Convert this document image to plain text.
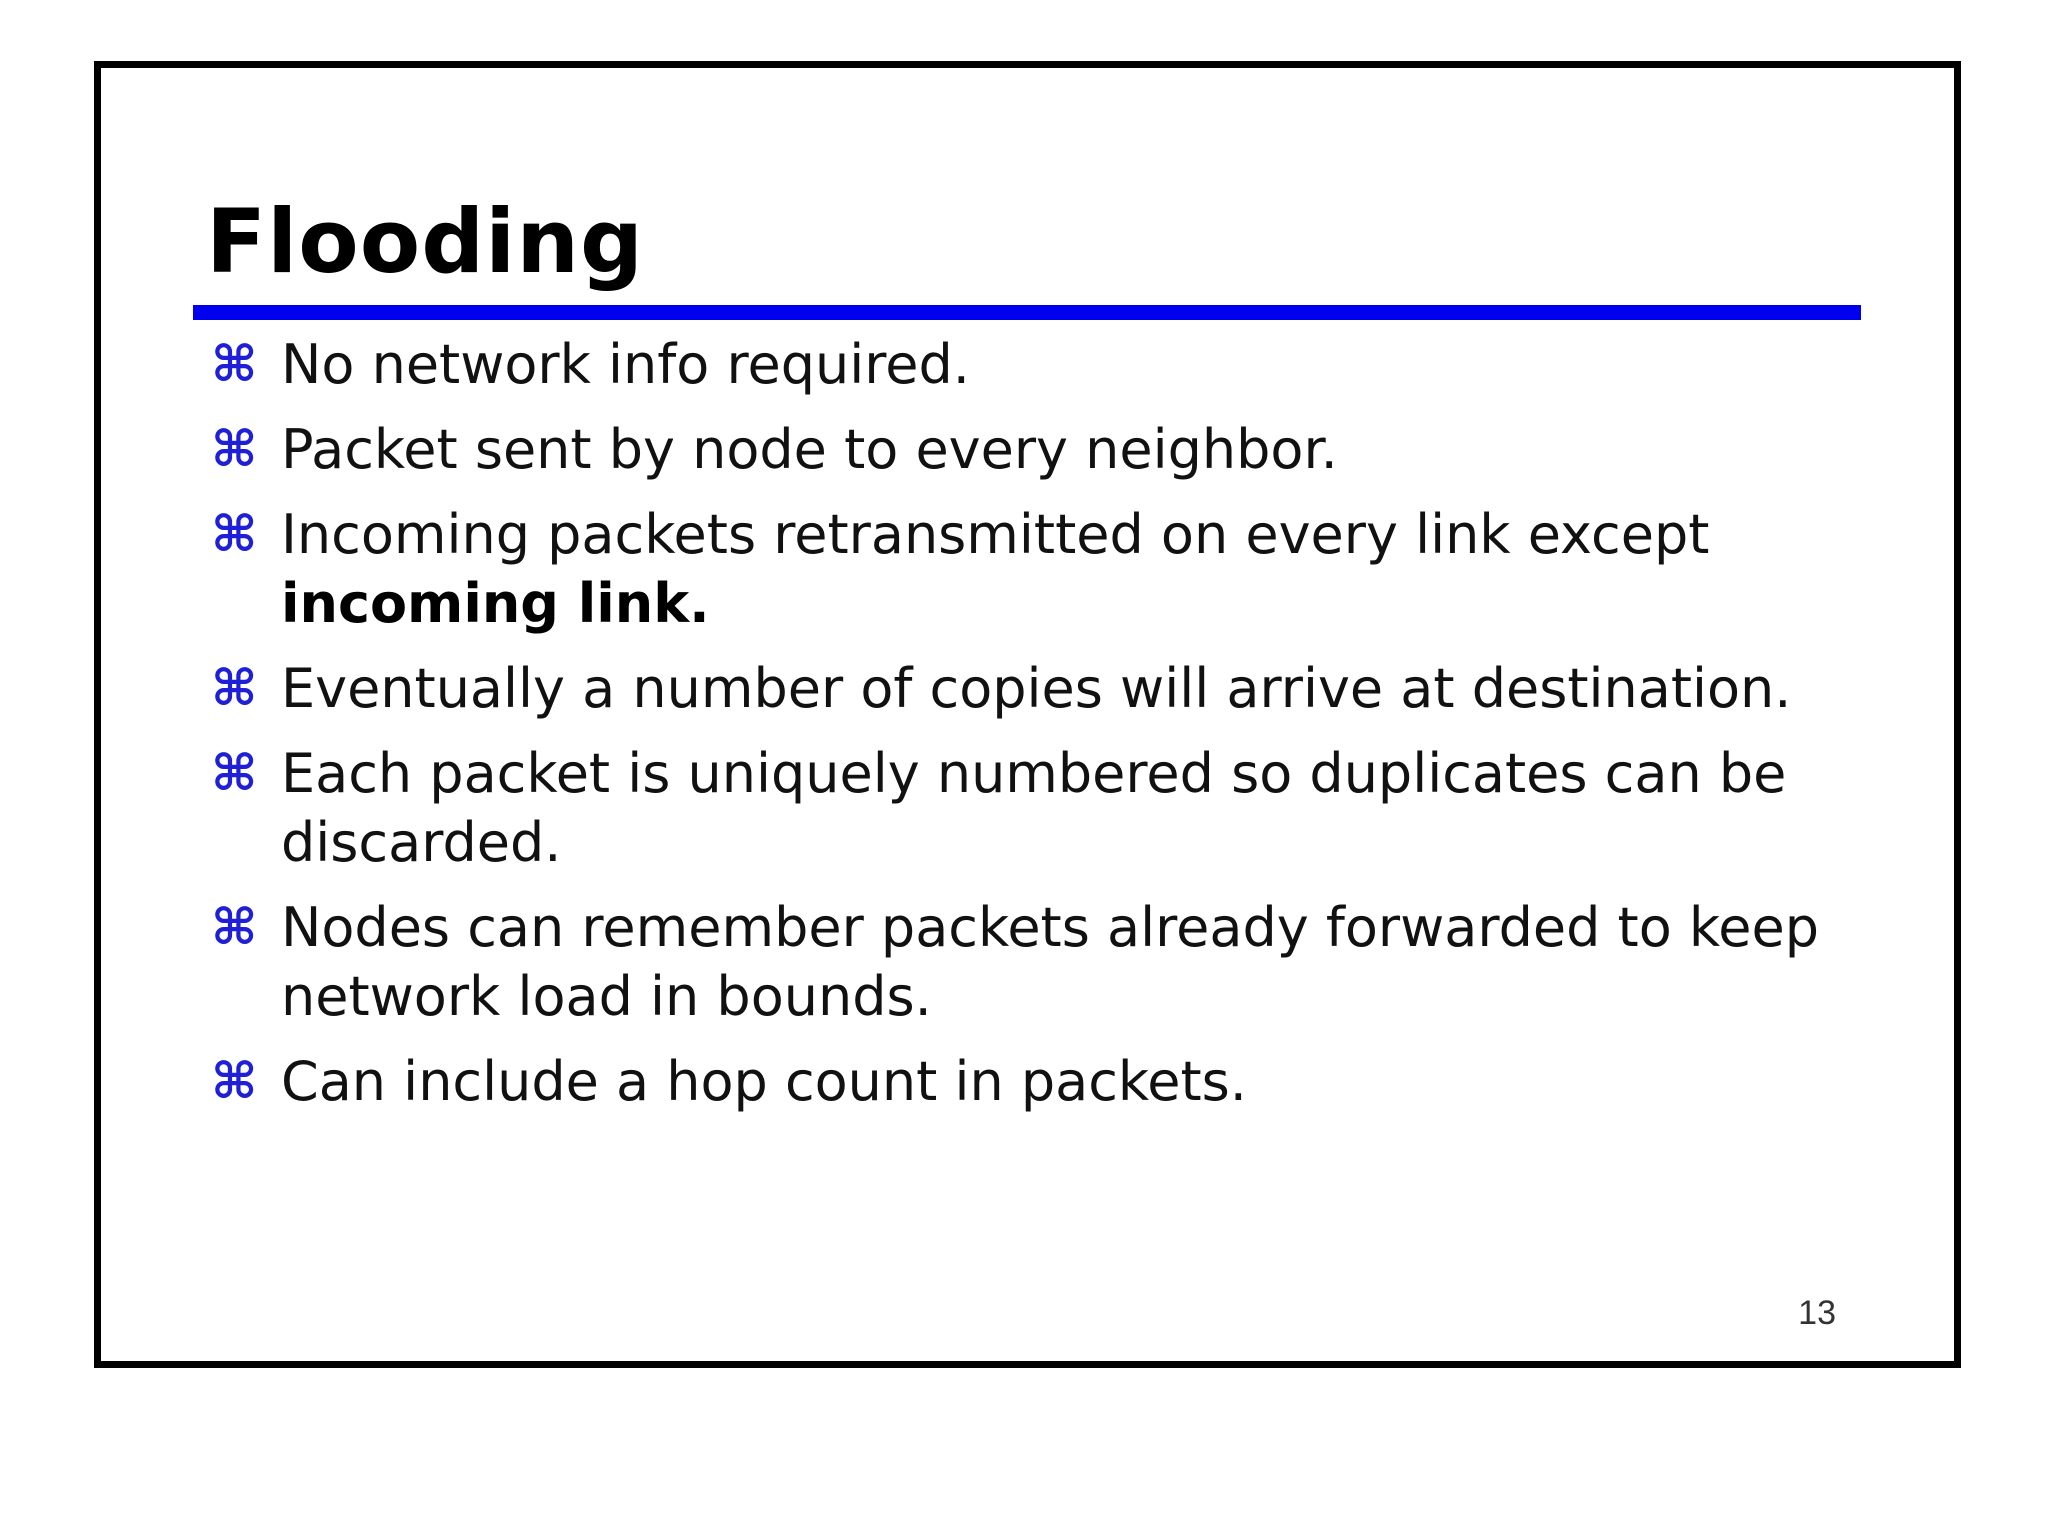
Flooding
⌘ No network info required.
⌘ Packet sent by node to every neighbor.
⌘ Incoming packets retransmitted on every link except
incoming link.
⌘ Eventually a number of copies will arrive at destination.
⌘ Each packet is uniquely numbered so duplicates can be discarded.
⌘ Nodes can remember packets already forwarded to keep network load in bounds.
⌘ Can include a hop count in packets.
13
